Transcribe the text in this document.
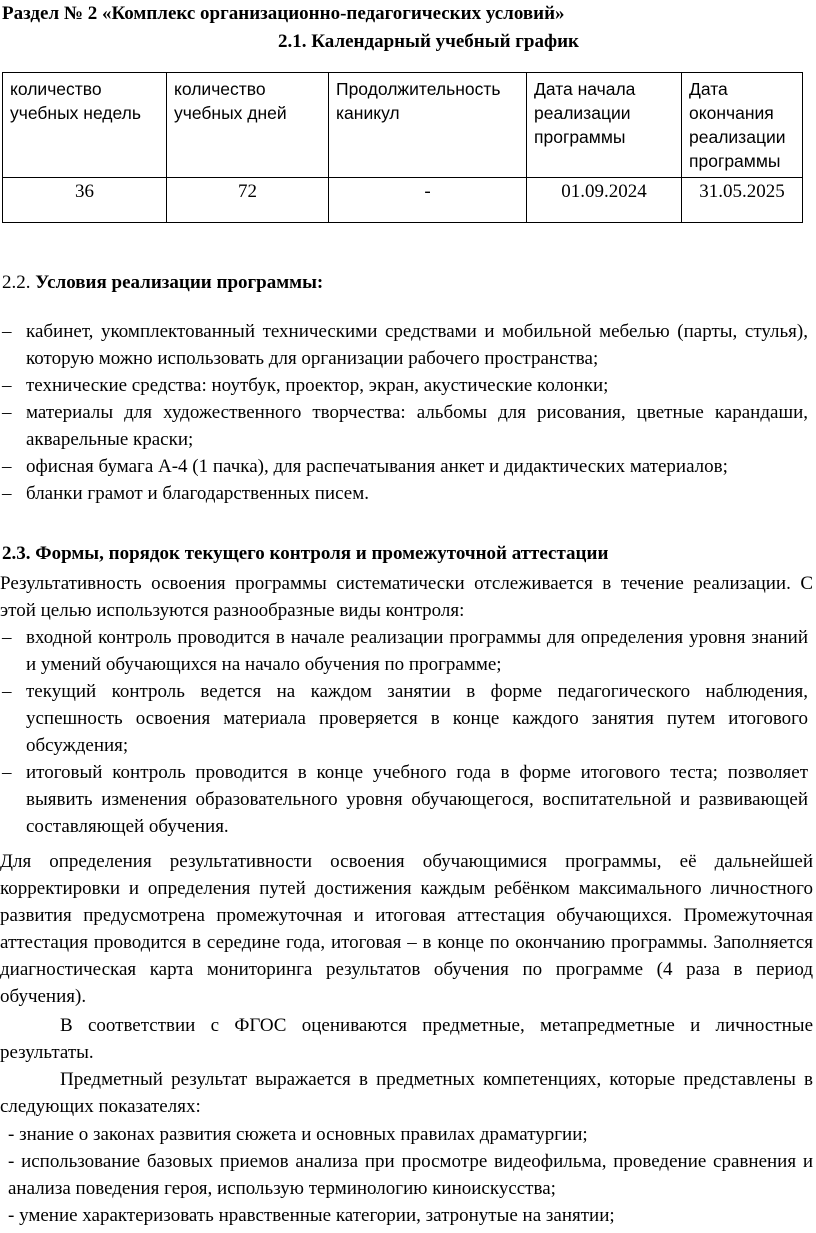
Раздел № 2 «Комплекс организационно-педагогических условий»
2.1. Календарный учебный график
количество учебных недель	количество учебных дней	Продолжительность каникул	Дата начала реализации программы	Дата окончания реализации программы
36	72	-	01.09.2024	31.05.2025
2.2. Условия реализации программы:
– кабинет, укомплектованный техническими средствами и мобильной мебелью (парты, стулья), которую можно использовать для организации рабочего пространства;
– технические средства: ноутбук, проектор, экран, акустические колонки;
– материалы для художественного творчества: альбомы для рисования, цветные карандаши, акварельные краски;
– офисная бумага А-4 (1 пачка), для распечатывания анкет и дидактических материалов;
– бланки грамот и благодарственных писем.
2.3. Формы, порядок текущего контроля и промежуточной аттестации
Результативность освоения программы систематически отслеживается в течение реализации. С этой целью используются разнообразные виды контроля:
– входной контроль проводится в начале реализации программы для определения уровня знаний и умений обучающихся на начало обучения по программе;
– текущий контроль ведется на каждом занятии в форме педагогического наблюдения, успешность освоения материала проверяется в конце каждого занятия путем итогового обсуждения;
– итоговый контроль проводится в конце учебного года в форме итогового теста; позволяет выявить изменения образовательного уровня обучающегося, воспитательной и развивающей составляющей обучения.
Для определения результативности освоения обучающимися программы, её дальнейшей корректировки и определения путей достижения каждым ребёнком максимального личностного развития предусмотрена промежуточная и итоговая аттестация обучающихся. Промежуточная аттестация проводится в середине года, итоговая – в конце по окончанию программы. Заполняется диагностическая карта мониторинга результатов обучения по программе (4 раза в период обучения).
В соответствии с ФГОС оцениваются предметные, метапредметные и личностные результаты.
Предметный результат выражается в предметных компетенциях, которые представлены в следующих показателях:
- знание о законах развития сюжета и основных правилах драматургии;
- использование базовых приемов анализа при просмотре видеофильма, проведение сравнения и анализа поведения героя, использую терминологию киноискусства;
- умение характеризовать нравственные категории, затронутые на занятии;
